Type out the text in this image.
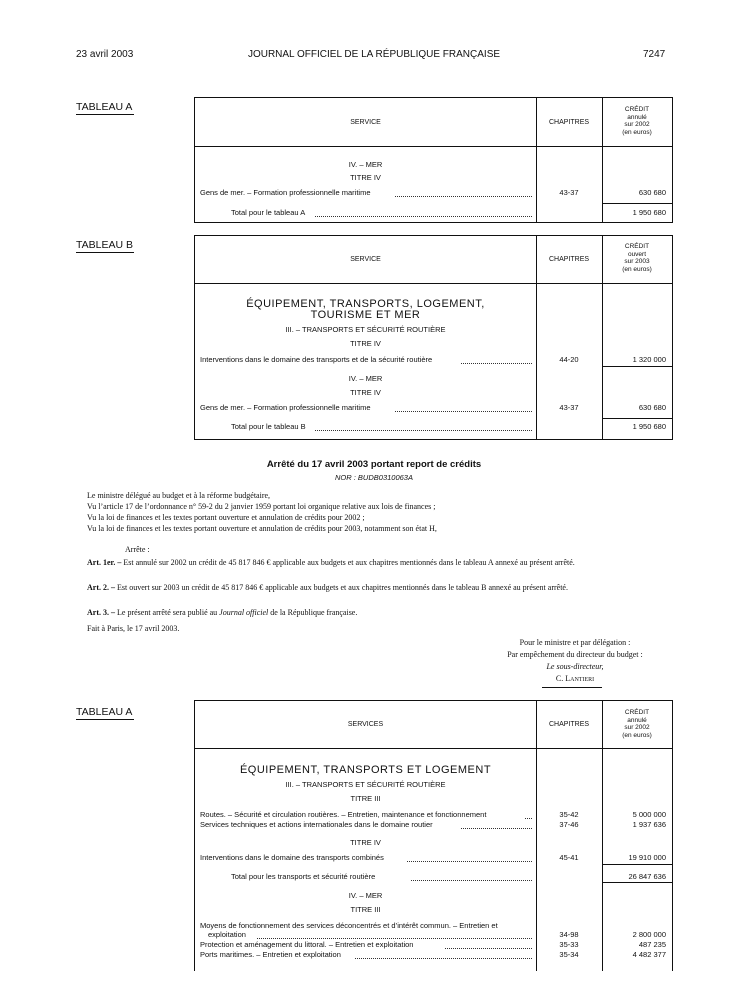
23 avril 2003	JOURNAL OFFICIEL DE LA RÉPUBLIQUE FRANÇAISE	7247
TABLEAU A
SERVICE	CHAPITRES
CRÉDIT
annulé
sur 2002
(en euros)
IV. – MER
TITRE IV
Gens de mer. – Formation professionnelle maritime	43-37	630 680
Total pour le tableau A	1 950 680
TABLEAU B
SERVICE	CHAPITRES
CRÉDIT
ouvert
sur 2003
(en euros)
ÉQUIPEMENT, TRANSPORTS, LOGEMENT,
TOURISME ET MER
III. – TRANSPORTS ET SÉCURITÉ ROUTIÈRE
TITRE IV
Interventions dans le domaine des transports et de la sécurité routière	44-20	1 320 000
IV. – MER
TITRE IV
Gens de mer. – Formation professionnelle maritime	43-37	630 680
Total pour le tableau B	1 950 680
Arrêté du 17 avril 2003 portant report de crédits
NOR : BUDB0310063A
Le ministre délégué au budget et à la réforme budgétaire,
Vu l’article 17 de l’ordonnance n° 59-2 du 2 janvier 1959 portant loi organique relative aux lois de finances ;
Vu la loi de finances et les textes portant ouverture et annulation de crédits pour 2002 ;
Vu la loi de finances et les textes portant ouverture et annulation de crédits pour 2003, notamment son état H,
Arrête :
Art. 1er. – Est annulé sur 2002 un crédit de 45 817 846 € applicable aux budgets et aux chapitres mentionnés dans le tableau A annexé au présent arrêté.
Art. 2. – Est ouvert sur 2003 un crédit de 45 817 846 € applicable aux budgets et aux chapitres mentionnés dans le tableau B annexé au présent arrêté.
Art. 3. – Le présent arrêté sera publié au Journal officiel de la République française.
Fait à Paris, le 17 avril 2003.
Pour le ministre et par délégation :
Par empêchement du directeur du budget :
Le sous-directeur,
C. Lantieri
TABLEAU A
SERVICES	CHAPITRES
CRÉDIT
annulé
sur 2002
(en euros)
ÉQUIPEMENT, TRANSPORTS ET LOGEMENT
III. – TRANSPORTS ET SÉCURITÉ ROUTIÈRE
TITRE III
Routes. – Sécurité et circulation routières. – Entretien, maintenance et fonctionnement	35-42	5 000 000
Services techniques et actions internationales dans le domaine routier	37-46	1 937 636
TITRE IV
Interventions dans le domaine des transports combinés	45-41	19 910 000
Total pour les transports et sécurité routière	26 847 636
IV. – MER
TITRE III
Moyens de fonctionnement des services déconcentrés et d’intérêt commun. – Entretien et
exploitation	34-98	2 800 000
Protection et aménagement du littoral. – Entretien et exploitation	35-33	487 235
Ports maritimes. – Entretien et exploitation	35-34	4 482 377
